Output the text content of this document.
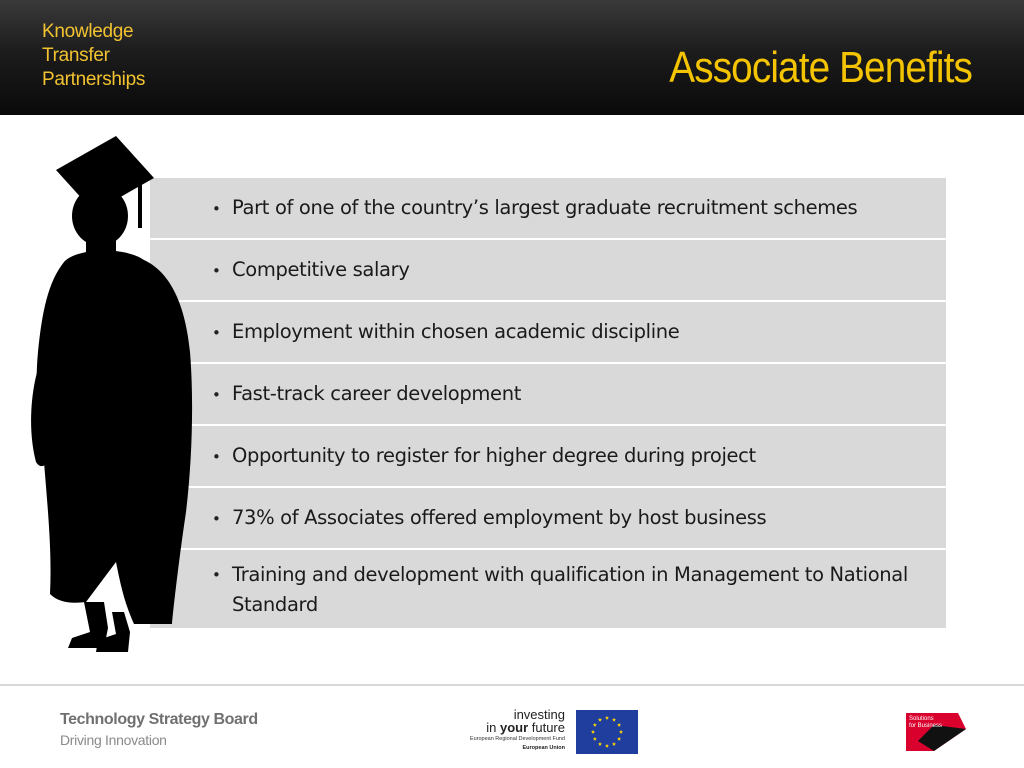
Knowledge
Transfer
Partnerships	Associate Benefits
• Part of one of the country’s largest graduate recruitment schemes
• Competitive salary
• Employment within chosen academic discipline
• Fast-track career development
• Opportunity to register for higher degree during project
• 73% of Associates offered employment by host business
• Training and development with qualification in Management to National Standard
Technology Strategy Board
Driving Innovation
investing
in your future
European Regional Development Fund
European Union
Solutions
for Business
